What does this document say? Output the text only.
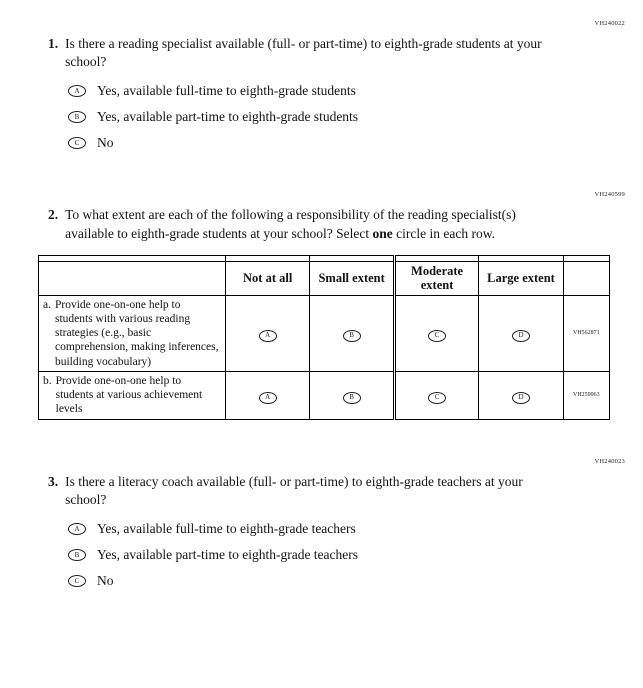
VH240022
1. Is there a reading specialist available (full- or part-time) to eighth-grade students at your school?
A Yes, available full-time to eighth-grade students
B Yes, available part-time to eighth-grade students
C No
VH240599
2. To what extent are each of the following a responsibility of the reading specialist(s) available to eighth-grade students at your school? Select one circle in each row.

	Not at all	Small extent	Moderate extent	Large extent	

a. Provide one-on-one help to students with various reading strategies (e.g., basic comprehension, making inferences, building vocabulary)	A	B	C	D	VH562871

b. Provide one-on-one help to students at various achievement levels	A	B	C	D	VH259963
VH240023
3. Is there a literacy coach available (full- or part-time) to eighth-grade teachers at your school?
A Yes, available full-time to eighth-grade teachers
B Yes, available part-time to eighth-grade teachers
C No
